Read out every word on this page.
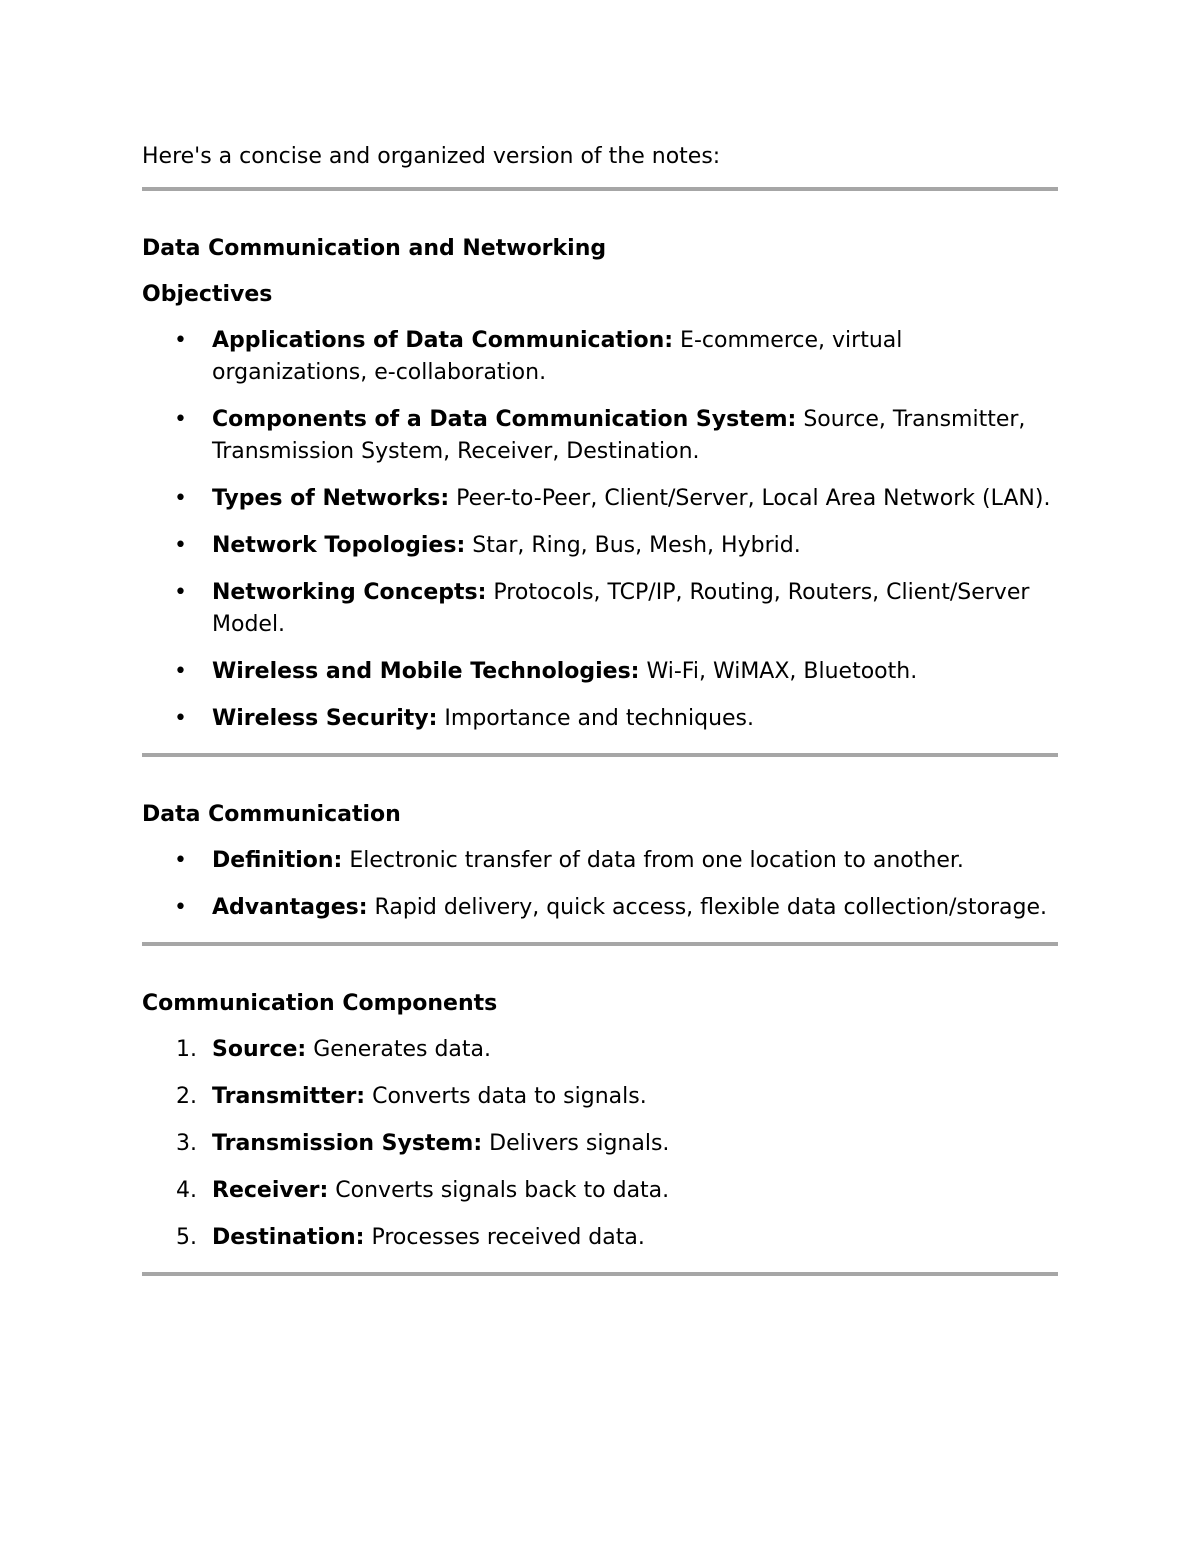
Here's a concise and organized version of the notes:

Data Communication and Networking
Objectives
•	Applications of Data Communication: E-commerce, virtual organizations, e-collaboration.
•	Components of a Data Communication System: Source, Transmitter, Transmission System, Receiver, Destination.
•	Types of Networks: Peer-to-Peer, Client/Server, Local Area Network (LAN).
•	Network Topologies: Star, Ring, Bus, Mesh, Hybrid.
•	Networking Concepts: Protocols, TCP/IP, Routing, Routers, Client/Server Model.
•	Wireless and Mobile Technologies: Wi-Fi, WiMAX, Bluetooth.
•	Wireless Security: Importance and techniques.
Data Communication
•	Definition: Electronic transfer of data from one location to another.
•	Advantages: Rapid delivery, quick access, flexible data collection/storage.
Communication Components
1. Source: Generates data.
2. Transmitter: Converts data to signals.
3. Transmission System: Delivers signals.
4. Receiver: Converts signals back to data.
5. Destination: Processes received data.
